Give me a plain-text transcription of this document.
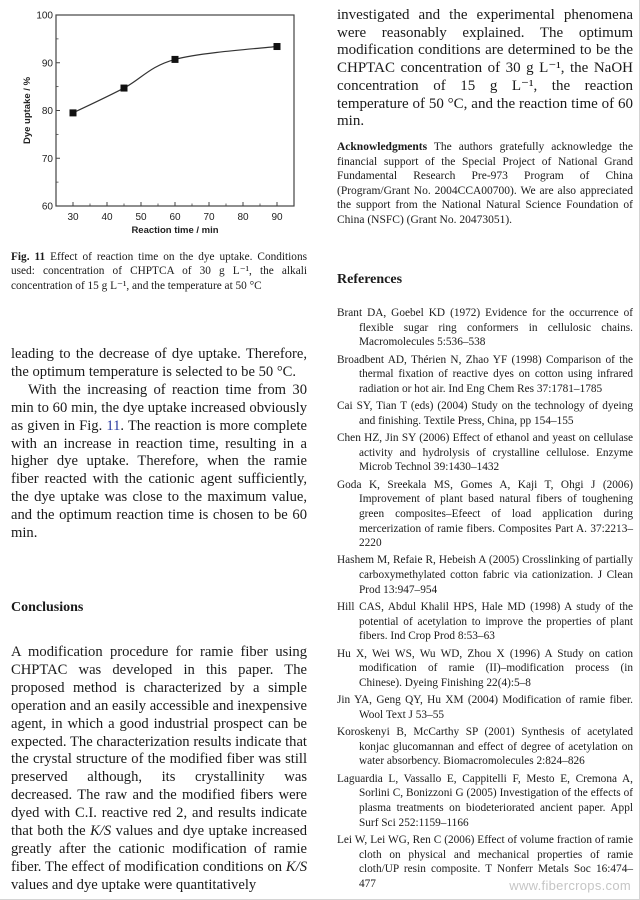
60
70
80
90
100
30 40 50 60 70 80 90
Reaction time / min
Dye uptake / %
Fig. 11 Effect of reaction time on the dye uptake. Conditions used: concentration of CHPTCA of 30 g L⁻¹, the alkali concentration of 15 g L⁻¹, and the temperature at 50 °C

leading to the decrease of dye uptake. Therefore, the optimum temperature is selected to be 50 °C.

With the increasing of reaction time from 30 min to 60 min, the dye uptake increased obviously as given in Fig. 11. The reaction is more complete with an increase in reaction time, resulting in a higher dye uptake. Therefore, when the ramie fiber reacted with the cationic agent sufficiently, the dye uptake was close to the maximum value, and the optimum reaction time is chosen to be 60 min.

Conclusions

A modification procedure for ramie fiber using CHPTAC was developed in this paper. The proposed method is characterized by a simple operation and an easily accessible and inexpensive agent, in which a good industrial prospect can be expected. The characterization results indicate that the crystal structure of the modified fiber was still preserved although, its crystallinity was decreased. The raw and the modified fibers were dyed with C.I. reactive red 2, and results indicate that both the K/S values and dye uptake increased greatly after the cationic modification of ramie fiber. The effect of modification conditions on K/S values and dye uptake were quantitatively

investigated and the experimental phenomena were reasonably explained. The optimum modification conditions are determined to be the CHPTAC concentration of 30 g L⁻¹, the NaOH concentration of 15 g L⁻¹, the reaction temperature of 50 °C, and the reaction time of 60 min.
Acknowledgments The authors gratefully acknowledge the financial support of the Special Project of National Grand Fundamental Research Pre-973 Program of China (Program/Grant No. 2004CCA00700). We are also appreciated the support from the National Natural Science Foundation of China (NSFC) (Grant No. 20473051).
References
Brant DA, Goebel KD (1972) Evidence for the occurrence of flexible sugar ring conformers in cellulosic chains. Macromolecules 5:536–538
Broadbent AD, Thérien N, Zhao YF (1998) Comparison of the thermal fixation of reactive dyes on cotton using infrared radiation or hot air. Ind Eng Chem Res 37:1781–1785
Cai SY, Tian T (eds) (2004) Study on the technology of dyeing and finishing. Textile Press, China, pp 154–155
Chen HZ, Jin SY (2006) Effect of ethanol and yeast on cellulase activity and hydrolysis of crystalline cellulose. Enzyme Microb Technol 39:1430–1432
Goda K, Sreekala MS, Gomes A, Kaji T, Ohgi J (2006) Improvement of plant based natural fibers of toughening green composites–Efeect of load application during mercerization of ramie fibers. Composites Part A. 37:2213–2220
Hashem M, Refaie R, Hebeish A (2005) Crosslinking of partially carboxymethylated cotton fabric via cationization. J Clean Prod 13:947–954
Hill CAS, Abdul Khalil HPS, Hale MD (1998) A study of the potential of acetylation to improve the properties of plant fibers. Ind Crop Prod 8:53–63
Hu X, Wei WS, Wu WD, Zhou X (1996) A Study on cation modification of ramie (II)–modification process (in Chinese). Dyeing Finishing 22(4):5–8
Jin YA, Geng QY, Hu XM (2004) Modification of ramie fiber. Wool Text J 53–55
Koroskenyi B, McCarthy SP (2001) Synthesis of acetylated konjac glucomannan and effect of degree of acetylation on water absorbency. Biomacromolecules 2:824–826
Laguardia L, Vassallo E, Cappitelli F, Mesto E, Cremona A, Sorlini C, Bonizzoni G (2005) Investigation of the effects of plasma treatments on biodeteriorated ancient paper. Appl Surf Sci 252:1159–1166
Lei W, Lei WG, Ren C (2006) Effect of volume fraction of ramie cloth on physical and mechanical properties of ramie cloth/UP resin composite. T Nonferr Metals Soc 16:474–477	www.fibercrops.com
